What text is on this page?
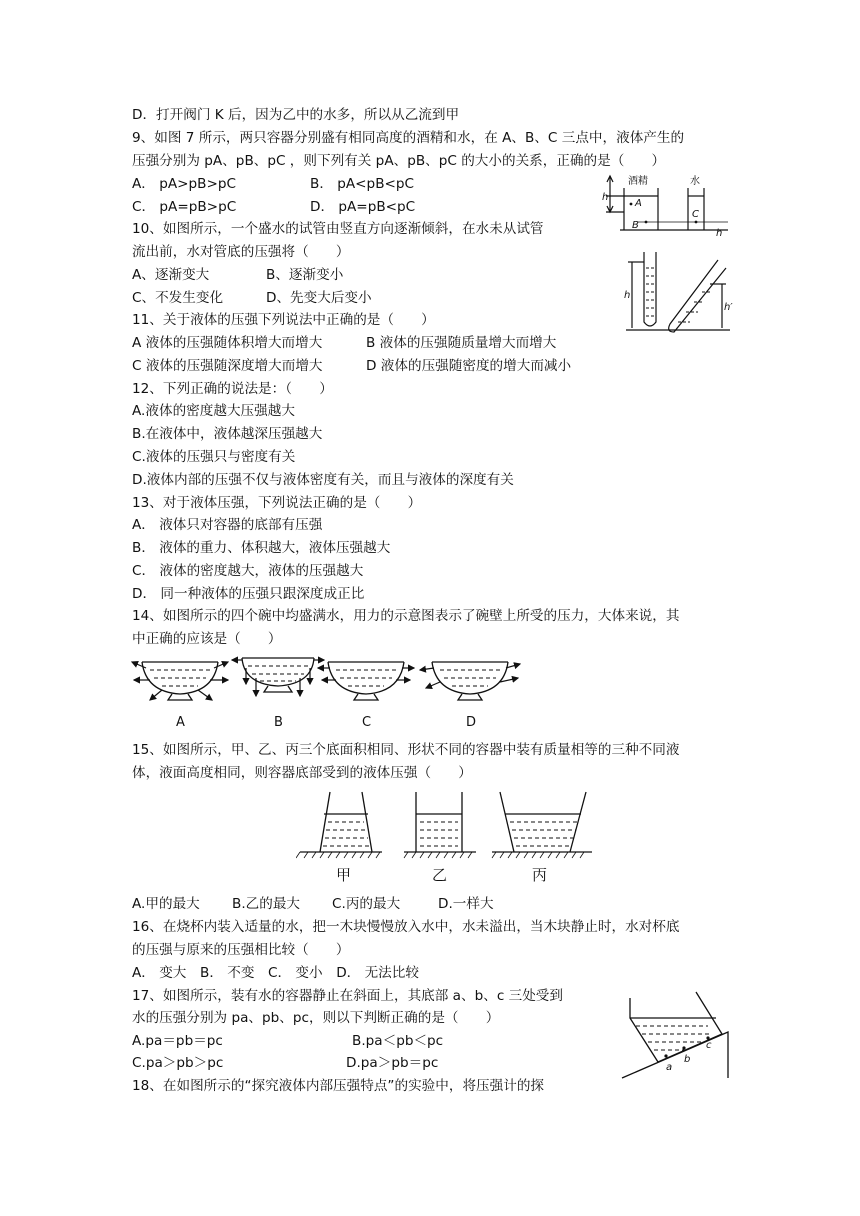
D．打开阀门 K 后，因为乙中的水多，所以从乙流到甲
9、如图 7 所示，两只容器分别盛有相同高度的酒精和水，在 A、B、C 三点中，液体产生的
压强分别为 pA、pB、pC ，则下列有关 pA、pB、pC 的大小的关系，正确的是（　　）
A． pA>pB>pC	B． pA<pB<pC
C． pA=pB>pC	D． pA=pB<pC
酒精	水
A
B
C
h
h
10、如图所示，一个盛水的试管由竖直方向逐渐倾斜，在水未从试管
流出前，水对管底的压强将（　　）
A、逐渐变大	B、逐渐变小
C、不发生变化	D、先变大后变小	h
h′
11、关于液体的压强下列说法中正确的是（　　）
A 液体的压强随体积增大而增大	B 液体的压强随质量增大而增大
C 液体的压强随深度增大而增大	D 液体的压强随密度的增大而减小
12、下列正确的说法是：（　　）
A.液体的密度越大压强越大
B.在液体中，液体越深压强越大
C.液体的压强只与密度有关
D.液体内部的压强不仅与液体密度有关，而且与液体的深度有关
13、对于液体压强，下列说法正确的是（　　）
A． 液体只对容器的底部有压强
B． 液体的重力、体积越大，液体压强越大
C． 液体的密度越大，液体的压强越大
D． 同一种液体的压强只跟深度成正比
14、如图所示的四个碗中均盛满水，用力的示意图表示了碗壁上所受的压力，大体来说，其
中正确的应该是（　　）
A	B	C	D
15、如图所示，甲、乙、丙三个底面积相同、形状不同的容器中装有质量相等的三种不同液
体，液面高度相同，则容器底部受到的液体压强（　　）
甲	乙	丙
A.甲的最大 B.乙的最大 C.丙的最大	D.一样大
16、在烧杯内装入适量的水，把一木块慢慢放入水中，水未溢出，当木块静止时，水对杯底
的压强与原来的压强相比较（　　）
A． 变大　B． 不变　C． 变小　D． 无法比较
17、如图所示，装有水的容器静止在斜面上，其底部 a、b、c 三处受到
水的压强分别为 pa、pb、pc，则以下判断正确的是（　　）
A.pa＝pb＝pc	B.pa＜pb＜pc
C.pa＞pb＞pc	D.pa＞pb＝pc	a
b
c
18、在如图所示的“探究液体内部压强特点”的实验中，将压强计的探
